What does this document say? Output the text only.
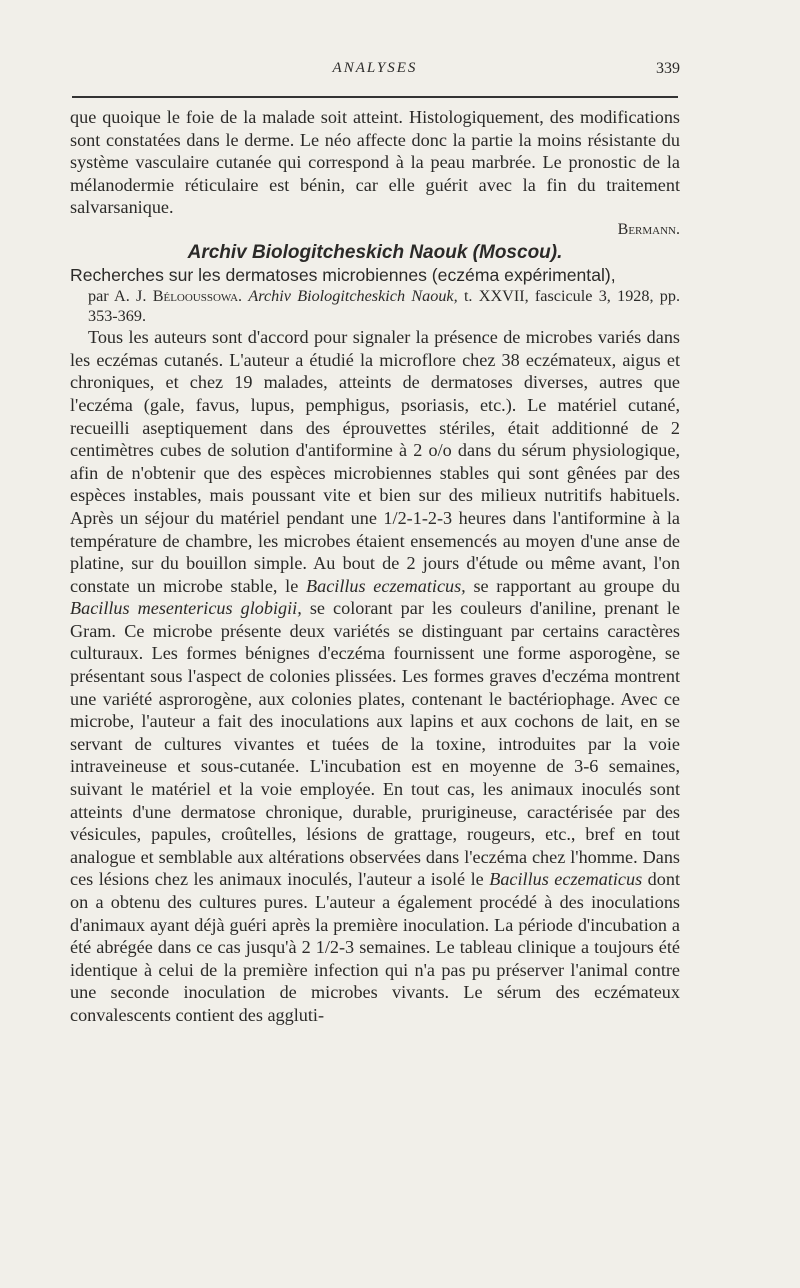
ANALYSES	339

que quoique le foie de la malade soit atteint. Histologiquement, des modifications sont constatées dans le derme. Le néo affecte donc la partie la moins résistante du système vasculaire cutanée qui correspond à la peau marbrée. Le pronostic de la mélanodermie réticulaire est bénin, car elle guérit avec la fin du traitement salvarsanique.

Bermann.

Archiv Biologitcheskich Naouk (Moscou).

Recherches sur les dermatoses microbiennes (eczéma expérimental),

par A. J. Bélooussowa. Archiv Biologitcheskich Naouk, t. XXVII, fascicule 3, 1928, pp. 353-369.

Tous les auteurs sont d'accord pour signaler la présence de microbes variés dans les eczémas cutanés. L'auteur a étudié la microflore chez 38 eczémateux, aigus et chroniques, et chez 19 malades, atteints de dermatoses diverses, autres que l'eczéma (gale, favus, lupus, pemphigus, psoriasis, etc.). Le matériel cutané, recueilli aseptiquement dans des éprouvettes stériles, était additionné de 2 centimètres cubes de solution d'antiformine à 2 o/o dans du sérum physiologique, afin de n'obtenir que des espèces microbiennes stables qui sont gênées par des espèces instables, mais poussant vite et bien sur des milieux nutritifs habituels. Après un séjour du matériel pendant une 1/2-1-2-3 heures dans l'antiformine à la température de chambre, les microbes étaient ensemencés au moyen d'une anse de platine, sur du bouillon simple. Au bout de 2 jours d'étude ou même avant, l'on constate un microbe stable, le Bacillus eczematicus, se rapportant au groupe du Bacillus mesentericus globigii, se colorant par les couleurs d'aniline, prenant le Gram. Ce microbe présente deux variétés se distinguant par certains caractères culturaux. Les formes bénignes d'eczéma fournissent une forme asporogène, se présentant sous l'aspect de colonies plissées. Les formes graves d'eczéma montrent une variété asprorogène, aux colonies plates, contenant le bactériophage. Avec ce microbe, l'auteur a fait des inoculations aux lapins et aux cochons de lait, en se servant de cultures vivantes et tuées de la toxine, introduites par la voie intraveineuse et sous-cutanée. L'incubation est en moyenne de 3-6 semaines, suivant le matériel et la voie employée. En tout cas, les animaux inoculés sont atteints d'une dermatose chronique, durable, prurigineuse, caractérisée par des vésicules, papules, croûtelles, lésions de grattage, rougeurs, etc., bref en tout analogue et semblable aux altérations observées dans l'eczéma chez l'homme. Dans ces lésions chez les animaux inoculés, l'auteur a isolé le Bacillus eczematicus dont on a obtenu des cultures pures. L'auteur a également procédé à des inoculations d'animaux ayant déjà guéri après la première inoculation. La période d'incubation a été abrégée dans ce cas jusqu'à 2 1/2-3 semaines. Le tableau clinique a toujours été identique à celui de la première infection qui n'a pas pu préserver l'animal contre une seconde inoculation de microbes vivants. Le sérum des eczémateux convalescents contient des aggluti-
